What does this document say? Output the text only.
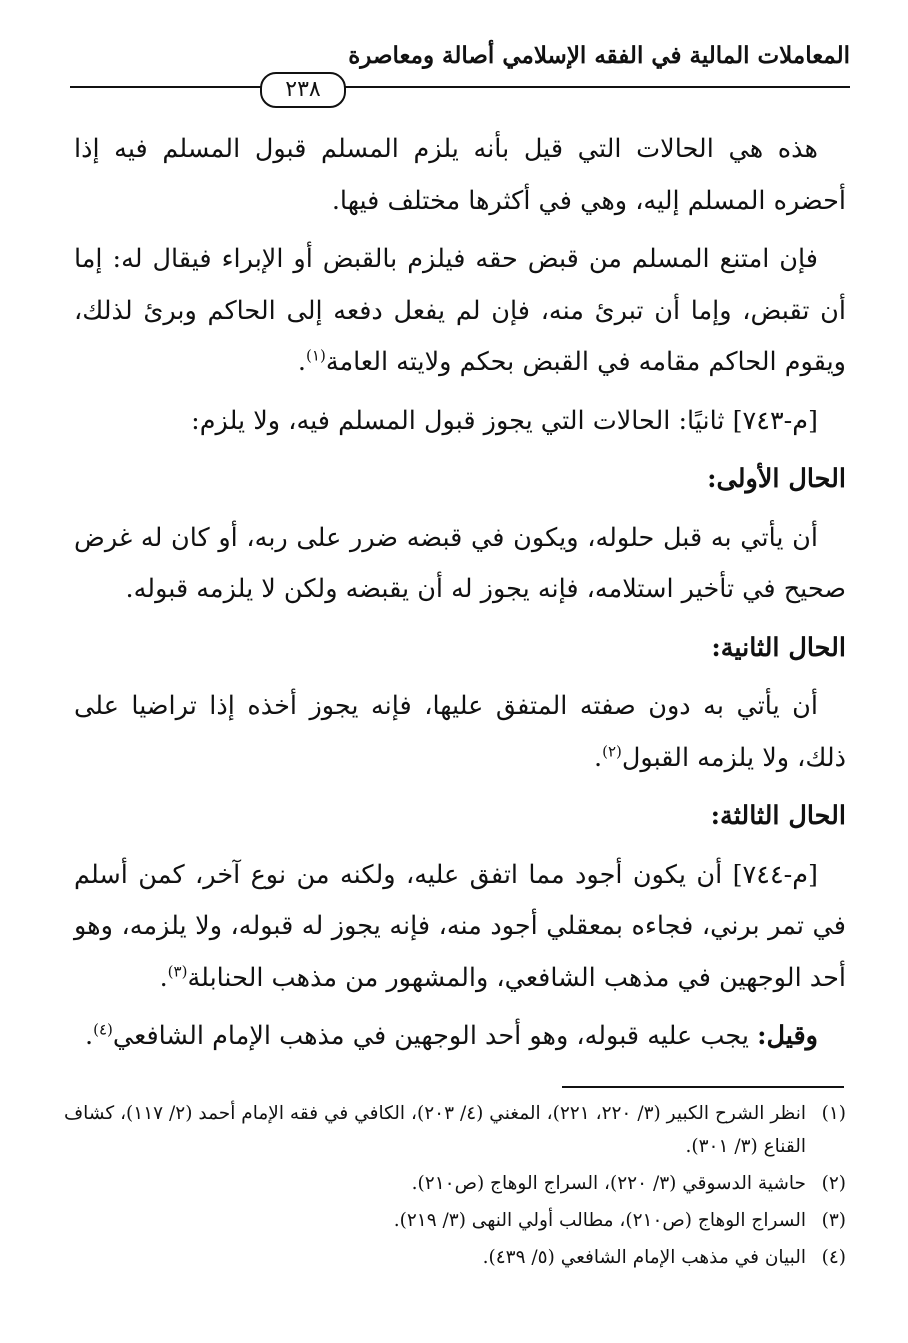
المعاملات المالية في الفقه الإسلامي أصالة ومعاصرة
٢٣٨

هذه هي الحالات التي قيل بأنه يلزم المسلم قبول المسلم فيه إذا أحضره المسلم إليه، وهي في أكثرها مختلف فيها.

فإن امتنع المسلم من قبض حقه فيلزم بالقبض أو الإبراء فيقال له: إما أن تقبض، وإما أن تبرئ منه، فإن لم يفعل دفعه إلى الحاكم وبرئ لذلك، ويقوم الحاكم مقامه في القبض بحكم ولايته العامة$^{(١)}$.

[م-٧٤٣] ثانيًا: الحالات التي يجوز قبول المسلم فيه، ولا يلزم:

الحال الأولى:

أن يأتي به قبل حلوله، ويكون في قبضه ضرر على ربه، أو كان له غرض صحيح في تأخير استلامه، فإنه يجوز له أن يقبضه ولكن لا يلزمه قبوله.

الحال الثانية:

أن يأتي به دون صفته المتفق عليها، فإنه يجوز أخذه إذا تراضيا على ذلك، ولا يلزمه القبول$^{(٢)}$.

الحال الثالثة:

[م-٧٤٤] أن يكون أجود مما اتفق عليه، ولكنه من نوع آخر، كمن أسلم في تمر برني، فجاءه بمعقلي أجود منه، فإنه يجوز له قبوله، ولا يلزمه، وهو أحد الوجهين في مذهب الشافعي، والمشهور من مذهب الحنابلة$^{(٣)}$.

وقيل: يجب عليه قبوله، وهو أحد الوجهين في مذهب الإمام الشافعي$^{(٤)}$.

(١)انظر الشرح الكبير (٣/ ٢٢٠، ٢٢١)، المغني (٤/ ٢٠٣)، الكافي في فقه الإمام أحمد (٢/ ١١٧)، كشاف القناع (٣/ ٣٠١).

(٢)حاشية الدسوقي (٣/ ٢٢٠)، السراج الوهاج (ص٢١٠).

(٣)السراج الوهاج (ص٢١٠)، مطالب أولي النهى (٣/ ٢١٩).

(٤)البيان في مذهب الإمام الشافعي (٥/ ٤٣٩).
